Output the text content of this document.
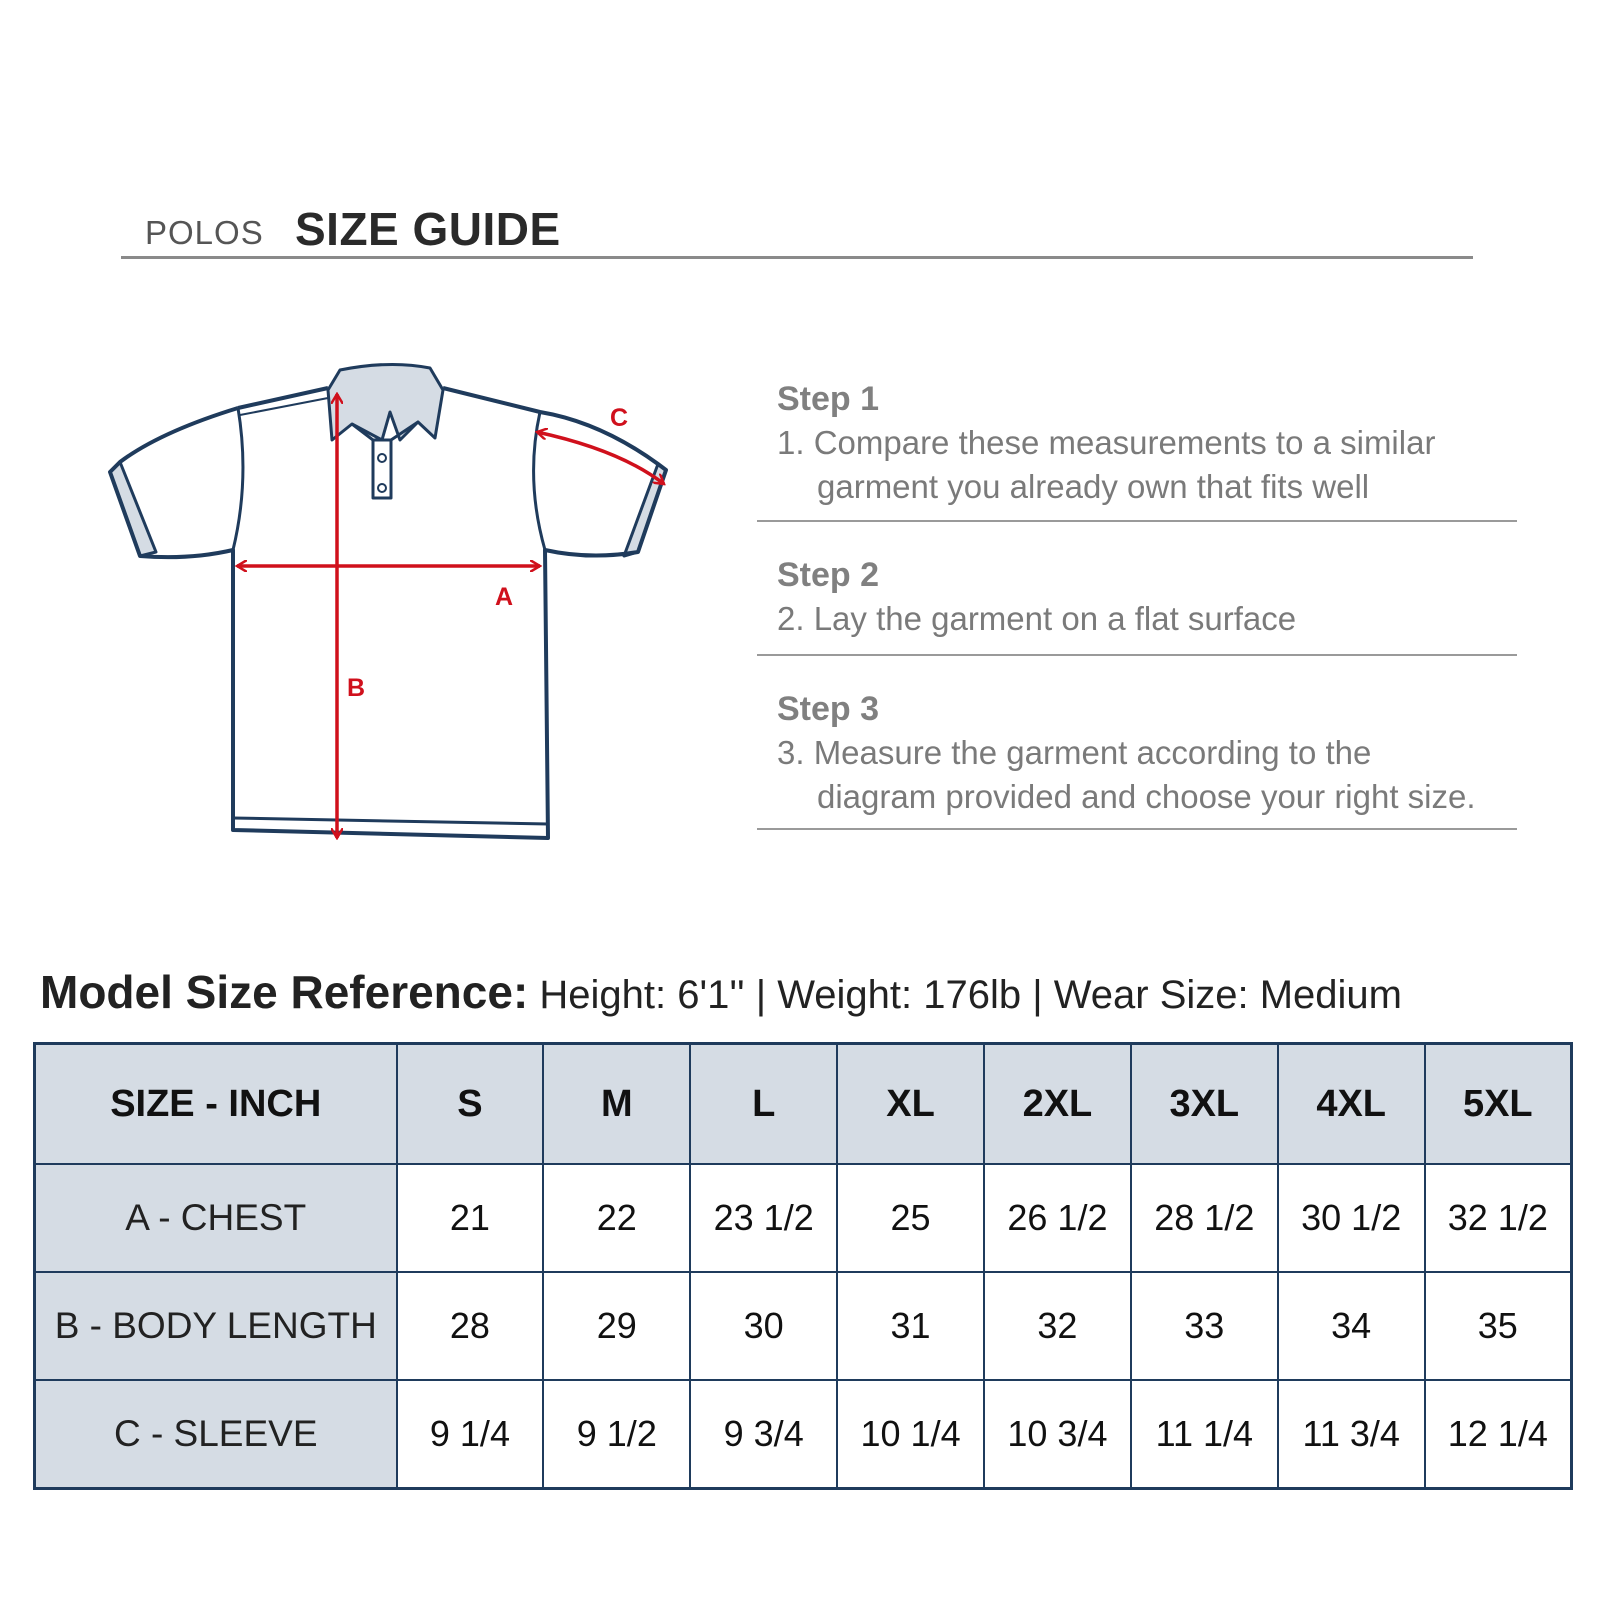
POLOS SIZE GUIDE
A
B
C	Step 1
1. Compare these measurements to a similar
garment you already own that fits well
Step 2
2. Lay the garment on a flat surface
Step 3
3. Measure the garment according to the
diagram provided and choose your right size.
Model Size Reference: Height: 6'1'' | Weight: 176lb | Wear Size: Medium
SIZE - INCH	S	M	L	XL	2XL	3XL	4XL	5XL
A - CHEST	21	22	23 1/2	25	26 1/2	28 1/2	30 1/2	32 1/2
B - BODY LENGTH	28	29	30	31	32	33	34	35
C - SLEEVE	9 1/4	9 1/2	9 3/4	10 1/4	10 3/4	11 1/4	11 3/4	12 1/4
